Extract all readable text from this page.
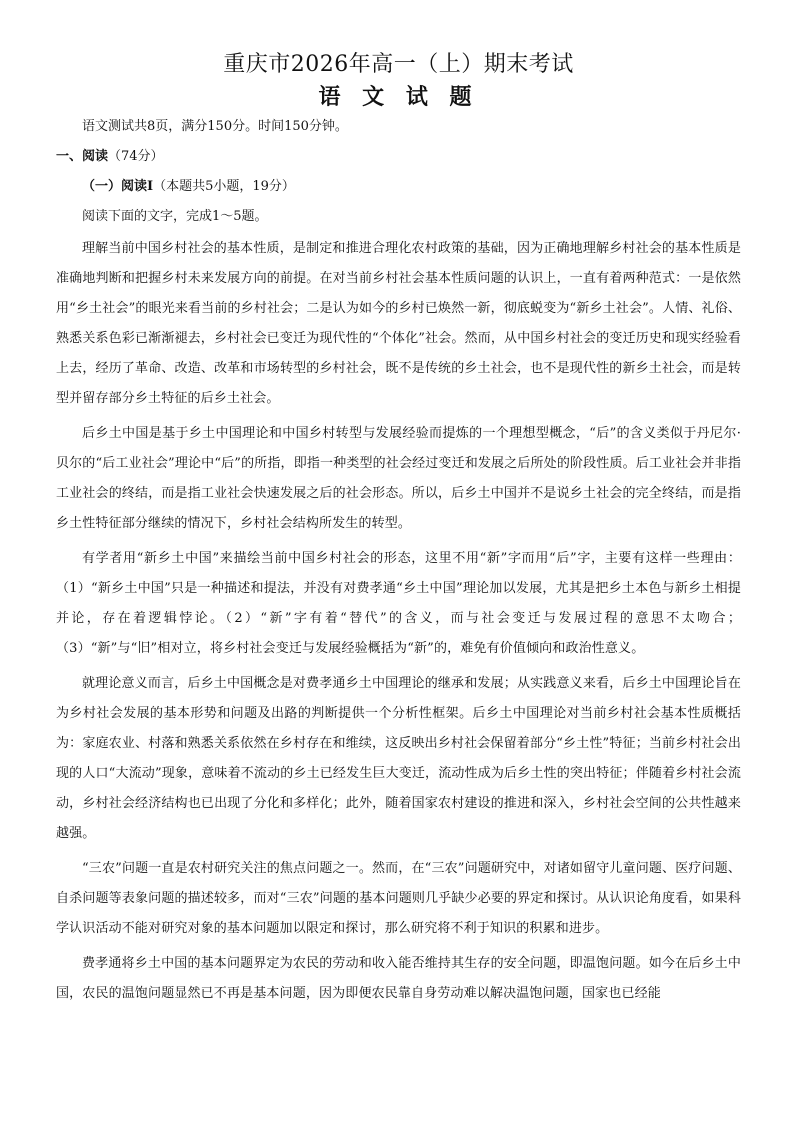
重庆市2026年高一（上）期末考试
语 文 试 题

语文测试共8页，满分150分。时间150分钟。

一、阅读（74分）

（一）阅读Ⅰ（本题共5小题，19分）

阅读下面的文字，完成1～5题。

理解当前中国乡村社会的基本性质，是制定和推进合理化农村政策的基础，因为正确地理解乡村社会的基本性质是准确地判断和把握乡村未来发展方向的前提。在对当前乡村社会基本性质问题的认识上，一直有着两种范式：一是依然用“乡土社会”的眼光来看当前的乡村社会；二是认为如今的乡村已焕然一新，彻底蜕变为“新乡土社会”。人情、礼俗、熟悉关系色彩已渐渐褪去，乡村社会已变迁为现代性的“个体化”社会。然而，从中国乡村社会的变迁历史和现实经验看上去，经历了革命、改造、改革和市场转型的乡村社会，既不是传统的乡土社会，也不是现代性的新乡土社会，而是转型并留存部分乡土特征的后乡土社会。

后乡土中国是基于乡土中国理论和中国乡村转型与发展经验而提炼的一个理想型概念，“后”的含义类似于丹尼尔·贝尔的“后工业社会”理论中“后”的所指，即指一种类型的社会经过变迁和发展之后所处的阶段性质。后工业社会并非指工业社会的终结，而是指工业社会快速发展之后的社会形态。所以，后乡土中国并不是说乡土社会的完全终结，而是指乡土性特征部分继续的情况下，乡村社会结构所发生的转型。

有学者用“新乡土中国”来描绘当前中国乡村社会的形态，这里不用“新”字而用“后”字，主要有这样一些理由：（1）“新乡土中国”只是一种描述和提法，并没有对费孝通“乡土中国”理论加以发展，尤其是把乡土本色与新乡土相提并论，存在着逻辑悖论。（2）“新”字有着“替代”的含义，而与社会变迁与发展过程的意思不太吻合；（3）“新”与“旧”相对立，将乡村社会变迁与发展经验概括为“新”的，难免有价值倾向和政治性意义。

就理论意义而言，后乡土中国概念是对费孝通乡土中国理论的继承和发展；从实践意义来看，后乡土中国理论旨在为乡村社会发展的基本形势和问题及出路的判断提供一个分析性框架。后乡土中国理论对当前乡村社会基本性质概括为：家庭农业、村落和熟悉关系依然在乡村存在和维续，这反映出乡村社会保留着部分“乡土性”特征；当前乡村社会出现的人口“大流动”现象，意味着不流动的乡土已经发生巨大变迁，流动性成为后乡土性的突出特征；伴随着乡村社会流动，乡村社会经济结构也已出现了分化和多样化；此外，随着国家农村建设的推进和深入，乡村社会空间的公共性越来越强。

“三农”问题一直是农村研究关注的焦点问题之一。然而，在“三农”问题研究中，对诸如留守儿童问题、医疗问题、自杀问题等表象问题的描述较多，而对“三农”问题的基本问题则几乎缺少必要的界定和探讨。从认识论角度看，如果科学认识活动不能对研究对象的基本问题加以限定和探讨，那么研究将不利于知识的积累和进步。

费孝通将乡土中国的基本问题界定为农民的劳动和收入能否维持其生存的安全问题，即温饱问题。如今在后乡土中国，农民的温饱问题显然已不再是基本问题，因为即便农民靠自身劳动难以解决温饱问题，国家也已经能
